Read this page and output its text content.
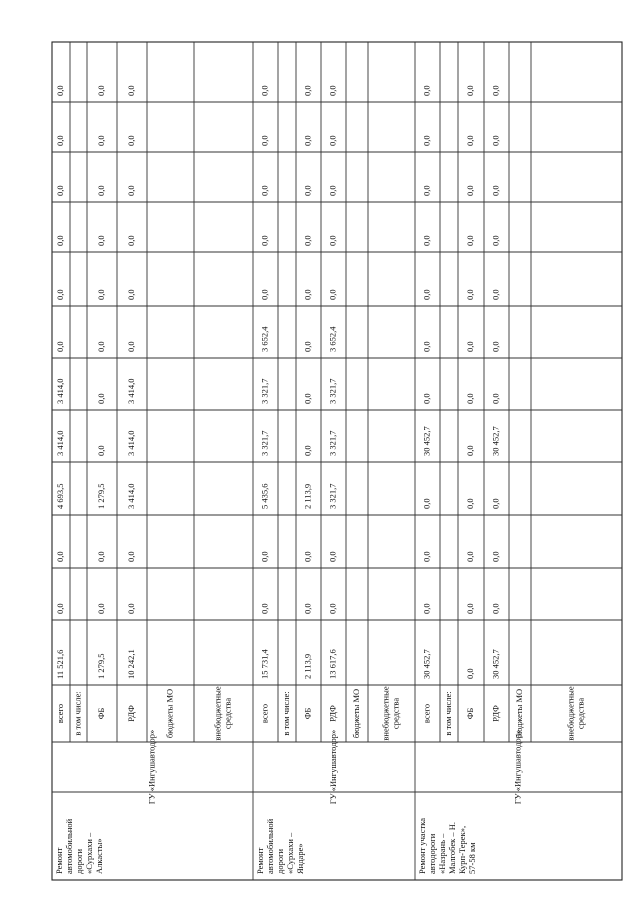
всего
11 521,6
0,0
0,0
4 693,5
3 414,0
3 414,0
0,0
0,0
0,0
0,0
0,0
0,0
в том числе: ФБ
1 279,5
0,0
0,0
1 279,5
0,0
0,0
0,0
0,0
0,0
0,0
0,0
0,0
РДФ
10 242,1
0,0
0,0
3 414,0
3 414,0
3 414,0
0,0
0,0
0,0
0,0
0,0
0,0
бюджеты МО	внебюджетные средства
ГУ «Ингушавтодор»
Ремонт автомобильной дороги «Сурхахи – Алкасты»
всего
15 731,4
0,0
0,0
5 435,6
3 321,7
3 321,7
3 652,4
0,0
0,0
0,0
0,0
0,0
в том числе: ФБ
2 113,9
0,0
0,0
2 113,9
0,0
0,0
0,0
0,0
0,0
0,0
0,0
0,0
РДФ
13 617,6
0,0
0,0
3 321,7
3 321,7
3 321,7
3 652,4
0,0
0,0
0,0
0,0
0,0
бюджеты МО внебюджетные средства
ГУ «Ингушавтодор»
Ремонт автомобильной дороги «Сурхахи – Яндаре»
всего
30 452,7
0,0
0,0
0,0
30 452,7
0,0
0,0
0,0
0,0
0,0
0,0
0,0
в том числе: ФБ
0,0
0,0
0,0
0,0
0,0
0,0
0,0
0,0
0,0
0,0
0,0
0,0
РДФ
30 452,7
0,0
0,0
0,0
30 452,7
0,0
0,0
0,0
0,0
0,0
0,0
0,0
бюджеты МО	внебюджетные средства
ГУ «Ингушавтодор»
Ремонт участка автодороги «Назрань – Малгобек – Н. Курп-Терек», 57-58 км
